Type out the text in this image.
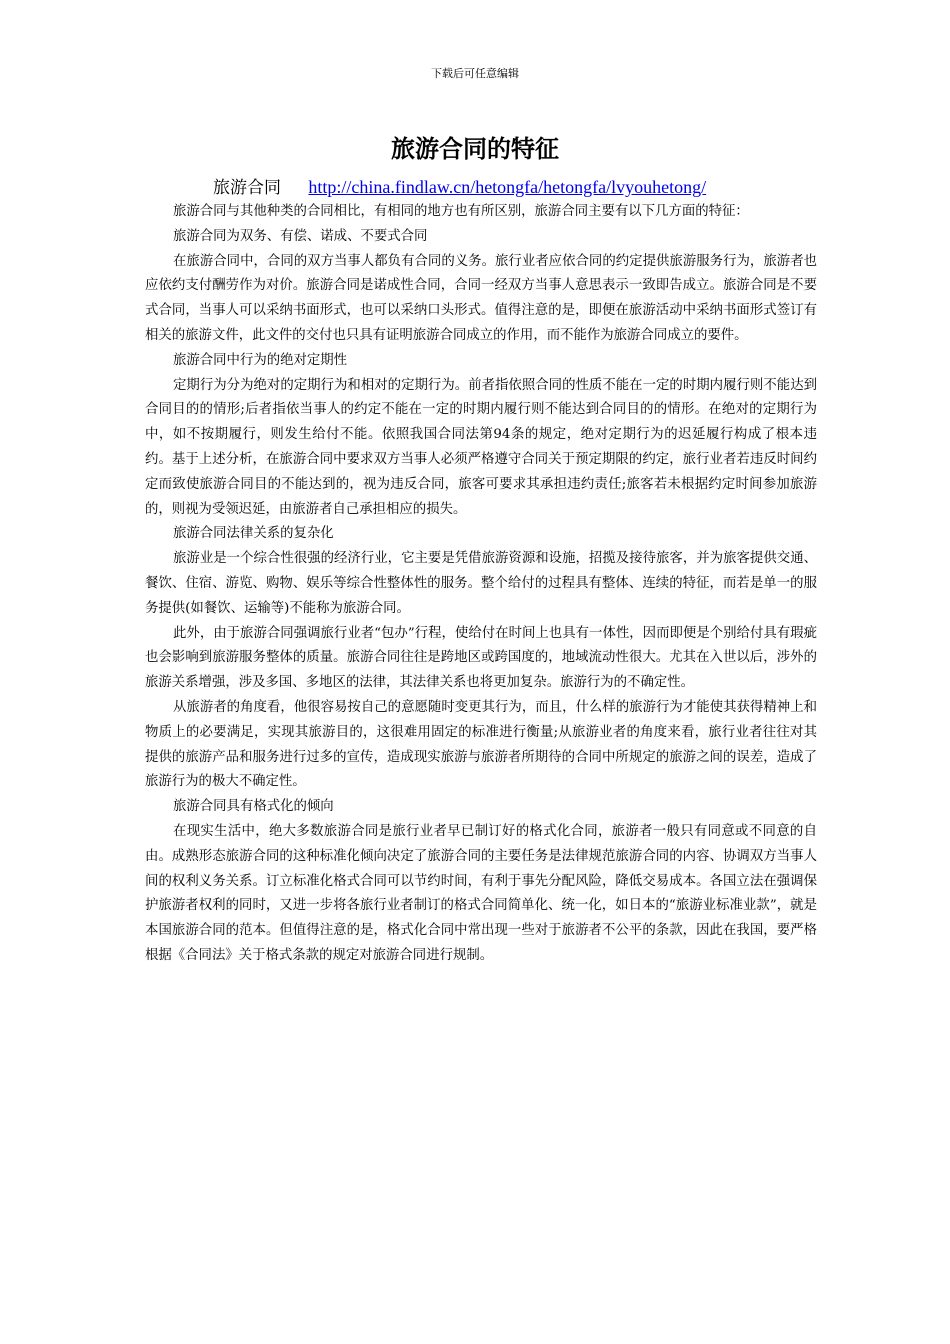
下载后可任意编辑
旅游合同的特征
旅游合同 http://china.findlaw.cn/hetongfa/hetongfa/lvyouhetong/

旅游合同与其他种类的合同相比，有相同的地方也有所区别，旅游合同主要有以下几方面的特征：

旅游合同为双务、有偿、诺成、不要式合同

在旅游合同中，合同的双方当事人都负有合同的义务。旅行业者应依合同的约定提供旅游服务行为，旅游者也应依约支付酬劳作为对价。旅游合同是诺成性合同，合同一经双方当事人意思表示一致即告成立。旅游合同是不要式合同，当事人可以采纳书面形式，也可以采纳口头形式。值得注意的是，即便在旅游活动中采纳书面形式签订有相关的旅游文件，此文件的交付也只具有证明旅游合同成立的作用，而不能作为旅游合同成立的要件。

旅游合同中行为的绝对定期性

定期行为分为绝对的定期行为和相对的定期行为。前者指依照合同的性质不能在一定的时期内履行则不能达到合同目的的情形;后者指依当事人的约定不能在一定的时期内履行则不能达到合同目的的情形。在绝对的定期行为中，如不按期履行，则发生给付不能。依照我国合同法第94条的规定，绝对定期行为的迟延履行构成了根本违约。基于上述分析，在旅游合同中要求双方当事人必须严格遵守合同关于预定期限的约定，旅行业者若违反时间约定而致使旅游合同目的不能达到的，视为违反合同，旅客可要求其承担违约责任;旅客若未根据约定时间参加旅游的，则视为受领迟延，由旅游者自己承担相应的损失。

旅游合同法律关系的复杂化

旅游业是一个综合性很强的经济行业，它主要是凭借旅游资源和设施，招揽及接待旅客，并为旅客提供交通、餐饮、住宿、游览、购物、娱乐等综合性整体性的服务。整个给付的过程具有整体、连续的特征，而若是单一的服务提供(如餐饮、运输等)不能称为旅游合同。

此外，由于旅游合同强调旅行业者“包办”行程，使给付在时间上也具有一体性，因而即便是个别给付具有瑕疵也会影响到旅游服务整体的质量。旅游合同往往是跨地区或跨国度的，地域流动性很大。尤其在入世以后，涉外的旅游关系增强，涉及多国、多地区的法律，其法律关系也将更加复杂。旅游行为的不确定性。

从旅游者的角度看，他很容易按自己的意愿随时变更其行为，而且，什么样的旅游行为才能使其获得精神上和物质上的必要满足，实现其旅游目的，这很难用固定的标准进行衡量;从旅游业者的角度来看，旅行业者往往对其提供的旅游产品和服务进行过多的宣传，造成现实旅游与旅游者所期待的合同中所规定的旅游之间的误差，造成了旅游行为的极大不确定性。

旅游合同具有格式化的倾向

在现实生活中，绝大多数旅游合同是旅行业者早已制订好的格式化合同，旅游者一般只有同意或不同意的自由。成熟形态旅游合同的这种标准化倾向决定了旅游合同的主要任务是法律规范旅游合同的内容、协调双方当事人间的权利义务关系。订立标准化格式合同可以节约时间，有利于事先分配风险，降低交易成本。各国立法在强调保护旅游者权利的同时，又进一步将各旅行业者制订的格式合同简单化、统一化，如日本的“旅游业标准业款”，就是本国旅游合同的范本。但值得注意的是，格式化合同中常出现一些对于旅游者不公平的条款，因此在我国，要严格根据《合同法》关于格式条款的规定对旅游合同进行规制。
